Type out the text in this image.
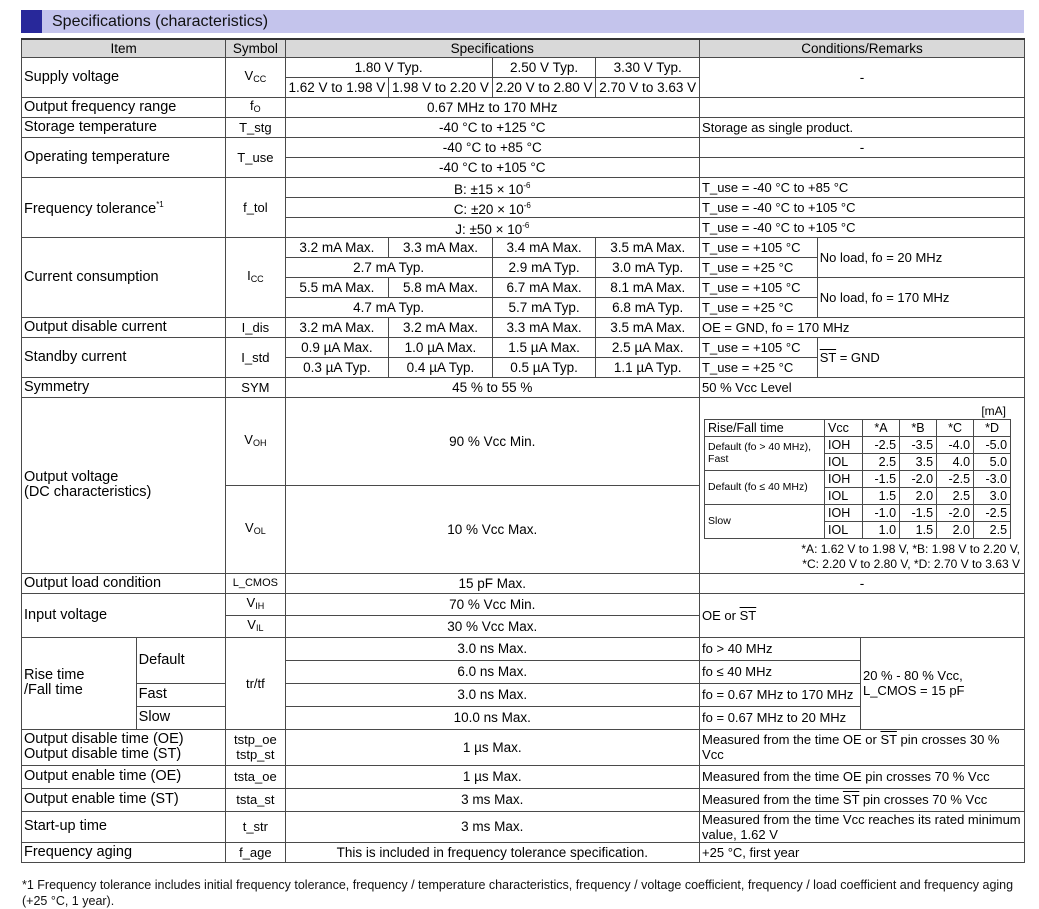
Specifications (characteristics)
Item	Symbol	Specifications	Conditions/Remarks
Supply voltage	$V_{CC}$	1.80 V Typ.	2.50 V Typ.	3.30 V Typ.	-
1.62 V to 1.98 V	1.98 V to 2.20 V	2.20 V to 2.80 V	2.70 V to 3.63 V
Output frequency range	$f_O$	0.67 MHz to 170 MHz	
Storage temperature	T_stg	-40 °C to +125 °C	Storage as single product.
Operating temperature	T_use	-40 °C to +85 °C	-
-40 °C to +105 °C	
Frequency tolerance$^{*1}$	f_tol	B: $\pm 15 \times 10^{-6}$	T_use = -40 °C to +85 °C
C: $\pm 20 \times 10^{-6}$	T_use = -40 °C to +105 °C
J: $\pm 50 \times 10^{-6}$	T_use = -40 °C to +105 °C
Current consumption	$I_{CC}$	3.2 mA Max.	3.3 mA Max.	3.4 mA Max.	3.5 mA Max.	T_use = +105 °C	No load, fo = 20 MHz
2.7 mA Typ.	2.9 mA Typ.	3.0 mA Typ.	T_use = +25 °C
5.5 mA Max.	5.8 mA Max.	6.7 mA Max.	8.1 mA Max.	T_use = +105 °C	No load, fo = 170 MHz
4.7 mA Typ.	5.7 mA Typ.	6.8 mA Typ.	T_use = +25 °C
Output disable current	I_dis	3.2 mA Max.	3.2 mA Max.	3.3 mA Max.	3.5 mA Max.	OE = GND, fo = 170 MHz
Standby current	I_std	0.9 µA Max.	1.0 µA Max.	1.5 µA Max.	2.5 µA Max.	T_use = +105 °C	$\overline{ST}$ = GND
0.3 µA Typ.	0.4 µA Typ.	0.5 µA Typ.	1.1 µA Typ.	T_use = +25 °C
Symmetry	SYM	45 % to 55 %	50 % Vcc Level
Output voltage
(DC characteristics)	$V_{OH}$	90 % Vcc Min.	
[mA]
Rise/Fall time	Vcc	*A	*B	*C	*D
Default (fo > 40 MHz), Fast	IOH	-2.5	-3.5	-4.0	-5.0
IOL	2.5	3.5	4.0	5.0
Default (fo ≤ 40 MHz)	IOH	-1.5	-2.0	-2.5	-3.0
IOL	1.5	2.0	2.5	3.0
Slow	IOH	-1.0	-1.5	-2.0	-2.5
IOL	1.0	1.5	2.0	2.5
*A: 1.62 V to 1.98 V, *B: 1.98 V to 2.20 V,
*C: 2.20 V to 2.80 V, *D: 2.70 V to 3.63 V

$V_{OL}$	10 % Vcc Max.
Output load condition	L_CMOS	15 pF Max.	-
Input voltage	$V_{IH}$	70 % Vcc Min.	OE or $\overline{ST}$
$V_{IL}$	30 % Vcc Max.
Rise time
/Fall time	Default	tr/tf	3.0 ns Max.	fo > 40 MHz	20 % - 80 % Vcc,
L_CMOS = 15 pF
6.0 ns Max.	fo ≤ 40 MHz
Fast	3.0 ns Max.	fo = 0.67 MHz to 170 MHz
Slow	10.0 ns Max.	fo = 0.67 MHz to 20 MHz
Output disable time (OE)
Output disable time (ST)	tstp_oe
tstp_st	1 µs Max.	Measured from the time OE or $\overline{ST}$ pin crosses 30 % Vcc
Output enable time (OE)	tsta_oe	1 µs Max.	Measured from the time OE pin crosses 70 % Vcc
Output enable time (ST)	tsta_st	3 ms Max.	Measured from the time $\overline{ST}$ pin crosses 70 % Vcc
Start-up time	t_str	3 ms Max.	Measured from the time Vcc reaches its rated minimum value, 1.62 V
Frequency aging	f_age	This is included in frequency tolerance specification.	+25 °C, first year
*1 Frequency tolerance includes initial frequency tolerance, frequency / temperature characteristics, frequency / voltage coefficient, frequency / load coefficient and frequency aging (+25 °C, 1 year).
